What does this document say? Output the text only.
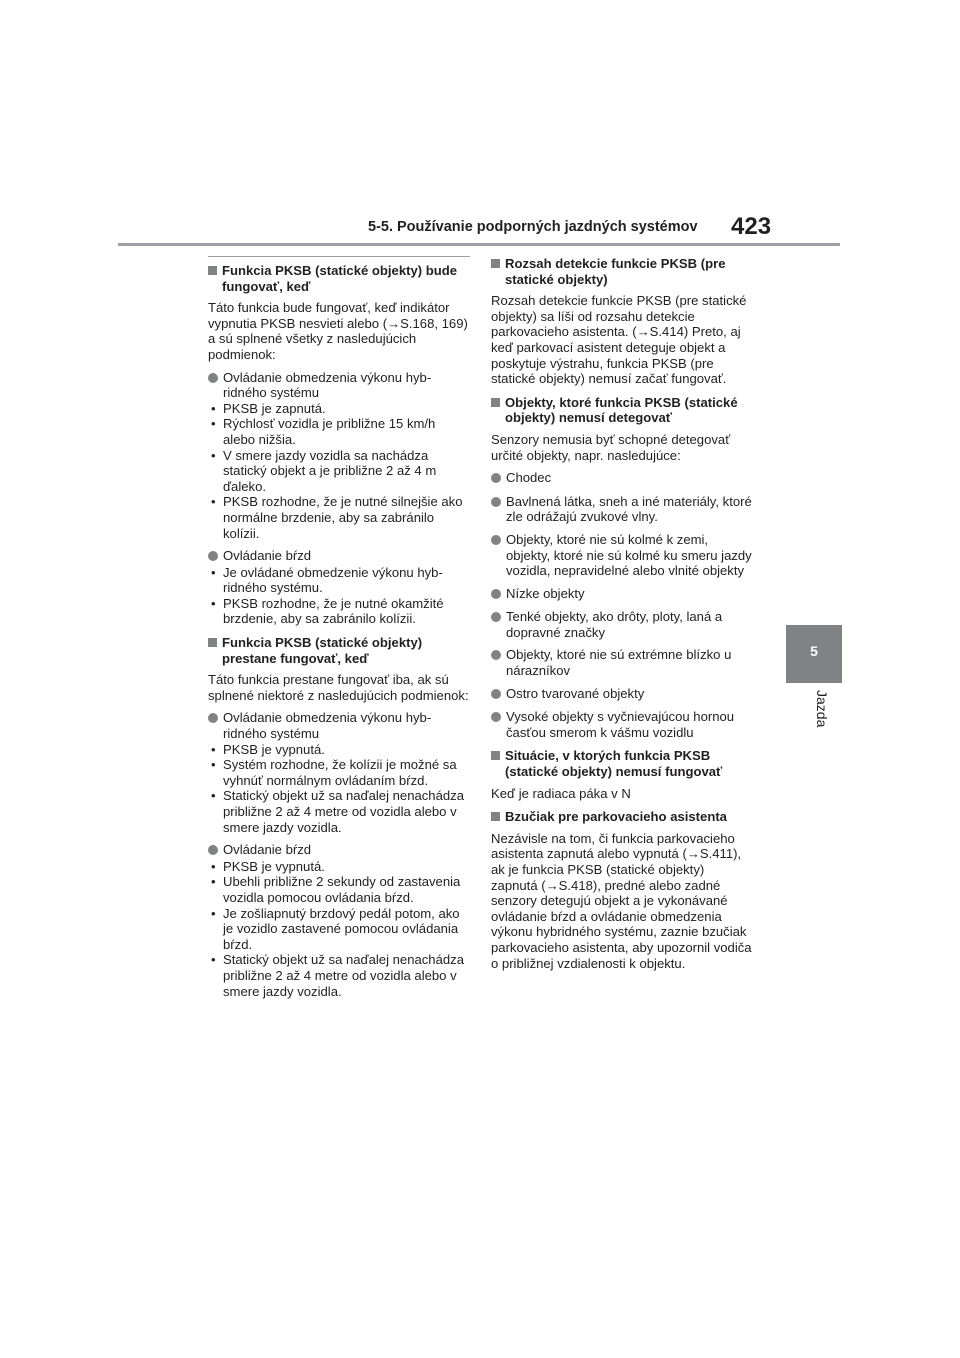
5-5. Používanie podporných jazdných systémov 423
5
Jazda
Funkcia PKSB (statické objekty) bude fungovať, keď
Táto funkcia bude fungovať, keď indikátor vypnutia PKSB nesvieti alebo (→S.168, 169) a sú splnené všetky z nasledujúcich podmienok:
Ovládanie obmedzenia výkonu hybridného systému
• PKSB je zapnutá.
• Rýchlosť vozidla je približne 15 km/h alebo nižšia.
• V smere jazdy vozidla sa nachádza statický objekt a je približne 2 až 4 m ďaleko.
• PKSB rozhodne, že je nutné silnejšie ako normálne brzdenie, aby sa zabránilo kolízii.
Ovládanie bŕzd
• Je ovládané obmedzenie výkonu hybridného systému.
• PKSB rozhodne, že je nutné okamžité brzdenie, aby sa zabránilo kolízii.
Funkcia PKSB (statické objekty) prestane fungovať, keď
Táto funkcia prestane fungovať iba, ak sú splnené niektoré z nasledujúcich podmienok:
Ovládanie obmedzenia výkonu hybridného systému
• PKSB je vypnutá.
• Systém rozhodne, že kolízii je možné sa vyhnúť normálnym ovládaním bŕzd.
• Statický objekt už sa naďalej nenachádza približne 2 až 4 metre od vozidla alebo v smere jazdy vozidla.
Ovládanie bŕzd
• PKSB je vypnutá.
• Ubehli približne 2 sekundy od zastavenia vozidla pomocou ovládania bŕzd.
• Je zošliapnutý brzdový pedál potom, ako je vozidlo zastavené pomocou ovládania bŕzd.
• Statický objekt už sa naďalej nenachádza približne 2 až 4 metre od vozidla alebo v smere jazdy vozidla.
Rozsah detekcie funkcie PKSB (pre statické objekty)
Rozsah detekcie funkcie PKSB (pre statické objekty) sa líši od rozsahu detekcie parkovacieho asistenta. (→S.414) Preto, aj keď parkovací asistent deteguje objekt a poskytuje výstrahu, funkcia PKSB (pre statické objekty) nemusí začať fungovať.
Objekty, ktoré funkcia PKSB (statické objekty) nemusí detegovať
Senzory nemusia byť schopné detegovať určité objekty, napr. nasledujúce:
Chodec
Bavlnená látka, sneh a iné materiály, ktoré zle odrážajú zvukové vlny.
Objekty, ktoré nie sú kolmé k zemi, objekty, ktoré nie sú kolmé ku smeru jazdy vozidla, nepravidelné alebo vlnité objekty
Nízke objekty
Tenké objekty, ako drôty, ploty, laná a dopravné značky
Objekty, ktoré nie sú extrémne blízko u nárazníkov
Ostro tvarované objekty
Vysoké objekty s vyčnievajúcou hornou časťou smerom k vášmu vozidlu
Situácie, v ktorých funkcia PKSB (statické objekty) nemusí fungovať
Keď je radiaca páka v N
Bzučiak pre parkovacieho asistenta
Nezávisle na tom, či funkcia parkovacieho asistenta zapnutá alebo vypnutá (→S.411), ak je funkcia PKSB (statické objekty) zapnutá (→S.418), predné alebo zadné senzory detegujú objekt a je vykonávané ovládanie bŕzd a ovládanie obmedzenia výkonu hybridného systému, zaznie bzučiak parkovacieho asistenta, aby upozornil vodiča o približnej vzdialenosti k objektu.
